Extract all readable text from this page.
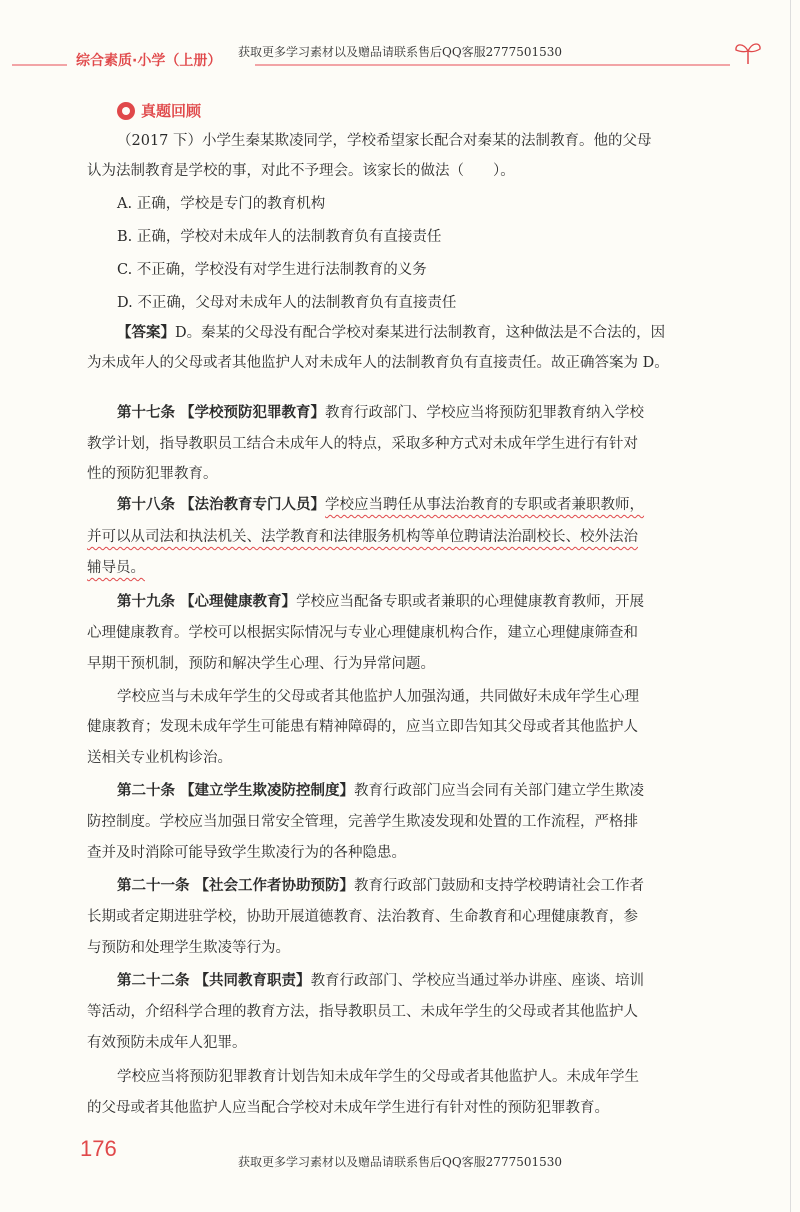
综合素质·小学（上册）
获取更多学习素材以及赠品请联系售后QQ客服2777501530
真题回顾
（2017 下）小学生秦某欺凌同学，学校希望家长配合对秦某的法制教育。他的父母
认为法制教育是学校的事，对此不予理会。该家长的做法（　　）。
A. 正确，学校是专门的教育机构
B. 正确，学校对未成年人的法制教育负有直接责任
C. 不正确，学校没有对学生进行法制教育的义务
D. 不正确，父母对未成年人的法制教育负有直接责任
【答案】D。秦某的父母没有配合学校对秦某进行法制教育，这种做法是不合法的，因
为未成年人的父母或者其他监护人对未成年人的法制教育负有直接责任。故正确答案为 D。
第十七条 【学校预防犯罪教育】教育行政部门、学校应当将预防犯罪教育纳入学校
教学计划，指导教职员工结合未成年人的特点，采取多种方式对未成年学生进行有针对
性的预防犯罪教育。
第十八条 【法治教育专门人员】学校应当聘任从事法治教育的专职或者兼职教师，
并可以从司法和执法机关、法学教育和法律服务机构等单位聘请法治副校长、校外法治
辅导员。
第十九条 【心理健康教育】学校应当配备专职或者兼职的心理健康教育教师，开展
心理健康教育。学校可以根据实际情况与专业心理健康机构合作，建立心理健康筛查和
早期干预机制，预防和解决学生心理、行为异常问题。
学校应当与未成年学生的父母或者其他监护人加强沟通，共同做好未成年学生心理
健康教育；发现未成年学生可能患有精神障碍的，应当立即告知其父母或者其他监护人
送相关专业机构诊治。
第二十条 【建立学生欺凌防控制度】教育行政部门应当会同有关部门建立学生欺凌
防控制度。学校应当加强日常安全管理，完善学生欺凌发现和处置的工作流程，严格排
查并及时消除可能导致学生欺凌行为的各种隐患。
第二十一条 【社会工作者协助预防】教育行政部门鼓励和支持学校聘请社会工作者
长期或者定期进驻学校，协助开展道德教育、法治教育、生命教育和心理健康教育，参
与预防和处理学生欺凌等行为。
第二十二条 【共同教育职责】教育行政部门、学校应当通过举办讲座、座谈、培训
等活动，介绍科学合理的教育方法，指导教职员工、未成年学生的父母或者其他监护人
有效预防未成年人犯罪。
学校应当将预防犯罪教育计划告知未成年学生的父母或者其他监护人。未成年学生
的父母或者其他监护人应当配合学校对未成年学生进行有针对性的预防犯罪教育。
176
获取更多学习素材以及赠品请联系售后QQ客服2777501530
